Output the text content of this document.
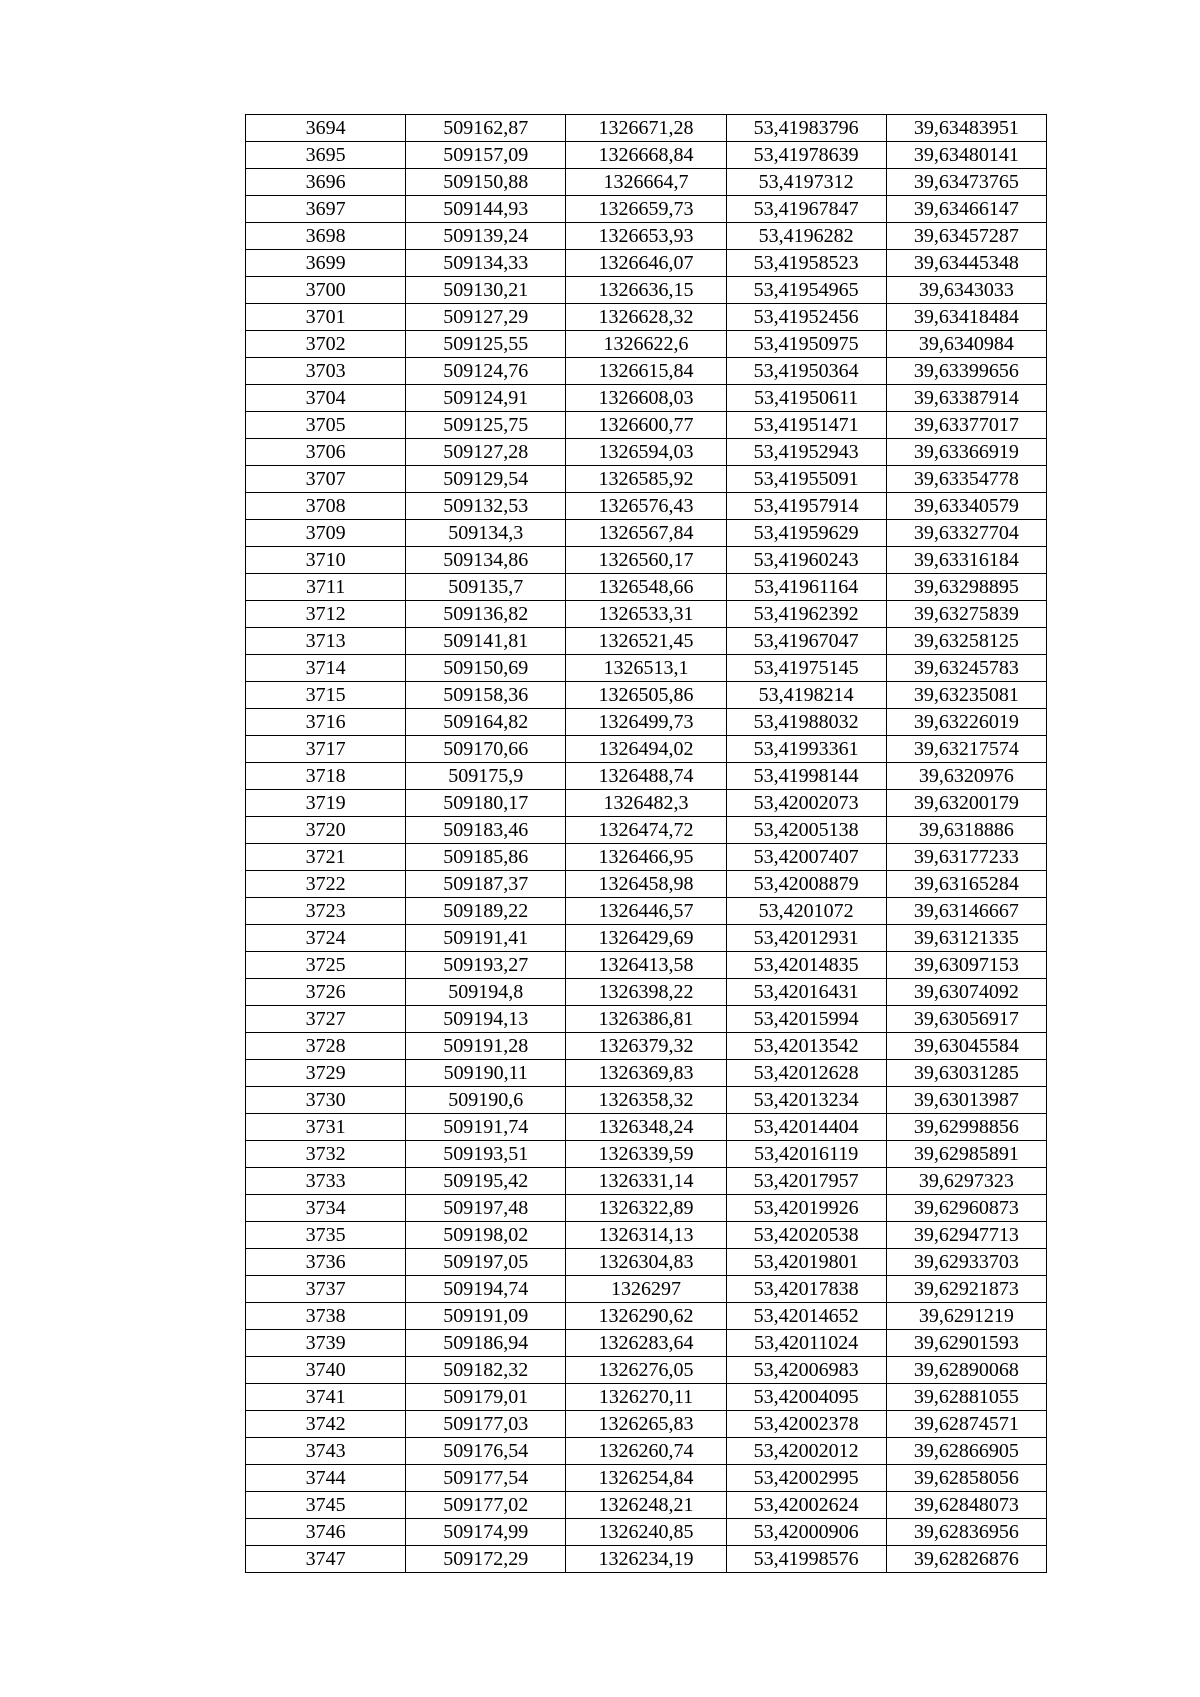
3694	509162,87	1326671,28	53,41983796	39,63483951
3695	509157,09	1326668,84	53,41978639	39,63480141
3696	509150,88	1326664,7	53,4197312	39,63473765
3697	509144,93	1326659,73	53,41967847	39,63466147
3698	509139,24	1326653,93	53,4196282	39,63457287
3699	509134,33	1326646,07	53,41958523	39,63445348
3700	509130,21	1326636,15	53,41954965	39,6343033
3701	509127,29	1326628,32	53,41952456	39,63418484
3702	509125,55	1326622,6	53,41950975	39,6340984
3703	509124,76	1326615,84	53,41950364	39,63399656
3704	509124,91	1326608,03	53,41950611	39,63387914
3705	509125,75	1326600,77	53,41951471	39,63377017
3706	509127,28	1326594,03	53,41952943	39,63366919
3707	509129,54	1326585,92	53,41955091	39,63354778
3708	509132,53	1326576,43	53,41957914	39,63340579
3709	509134,3	1326567,84	53,41959629	39,63327704
3710	509134,86	1326560,17	53,41960243	39,63316184
3711	509135,7	1326548,66	53,41961164	39,63298895
3712	509136,82	1326533,31	53,41962392	39,63275839
3713	509141,81	1326521,45	53,41967047	39,63258125
3714	509150,69	1326513,1	53,41975145	39,63245783
3715	509158,36	1326505,86	53,4198214	39,63235081
3716	509164,82	1326499,73	53,41988032	39,63226019
3717	509170,66	1326494,02	53,41993361	39,63217574
3718	509175,9	1326488,74	53,41998144	39,6320976
3719	509180,17	1326482,3	53,42002073	39,63200179
3720	509183,46	1326474,72	53,42005138	39,6318886
3721	509185,86	1326466,95	53,42007407	39,63177233
3722	509187,37	1326458,98	53,42008879	39,63165284
3723	509189,22	1326446,57	53,4201072	39,63146667
3724	509191,41	1326429,69	53,42012931	39,63121335
3725	509193,27	1326413,58	53,42014835	39,63097153
3726	509194,8	1326398,22	53,42016431	39,63074092
3727	509194,13	1326386,81	53,42015994	39,63056917
3728	509191,28	1326379,32	53,42013542	39,63045584
3729	509190,11	1326369,83	53,42012628	39,63031285
3730	509190,6	1326358,32	53,42013234	39,63013987
3731	509191,74	1326348,24	53,42014404	39,62998856
3732	509193,51	1326339,59	53,42016119	39,62985891
3733	509195,42	1326331,14	53,42017957	39,6297323
3734	509197,48	1326322,89	53,42019926	39,62960873
3735	509198,02	1326314,13	53,42020538	39,62947713
3736	509197,05	1326304,83	53,42019801	39,62933703
3737	509194,74	1326297	53,42017838	39,62921873
3738	509191,09	1326290,62	53,42014652	39,6291219
3739	509186,94	1326283,64	53,42011024	39,62901593
3740	509182,32	1326276,05	53,42006983	39,62890068
3741	509179,01	1326270,11	53,42004095	39,62881055
3742	509177,03	1326265,83	53,42002378	39,62874571
3743	509176,54	1326260,74	53,42002012	39,62866905
3744	509177,54	1326254,84	53,42002995	39,62858056
3745	509177,02	1326248,21	53,42002624	39,62848073
3746	509174,99	1326240,85	53,42000906	39,62836956
3747	509172,29	1326234,19	53,41998576	39,62826876
